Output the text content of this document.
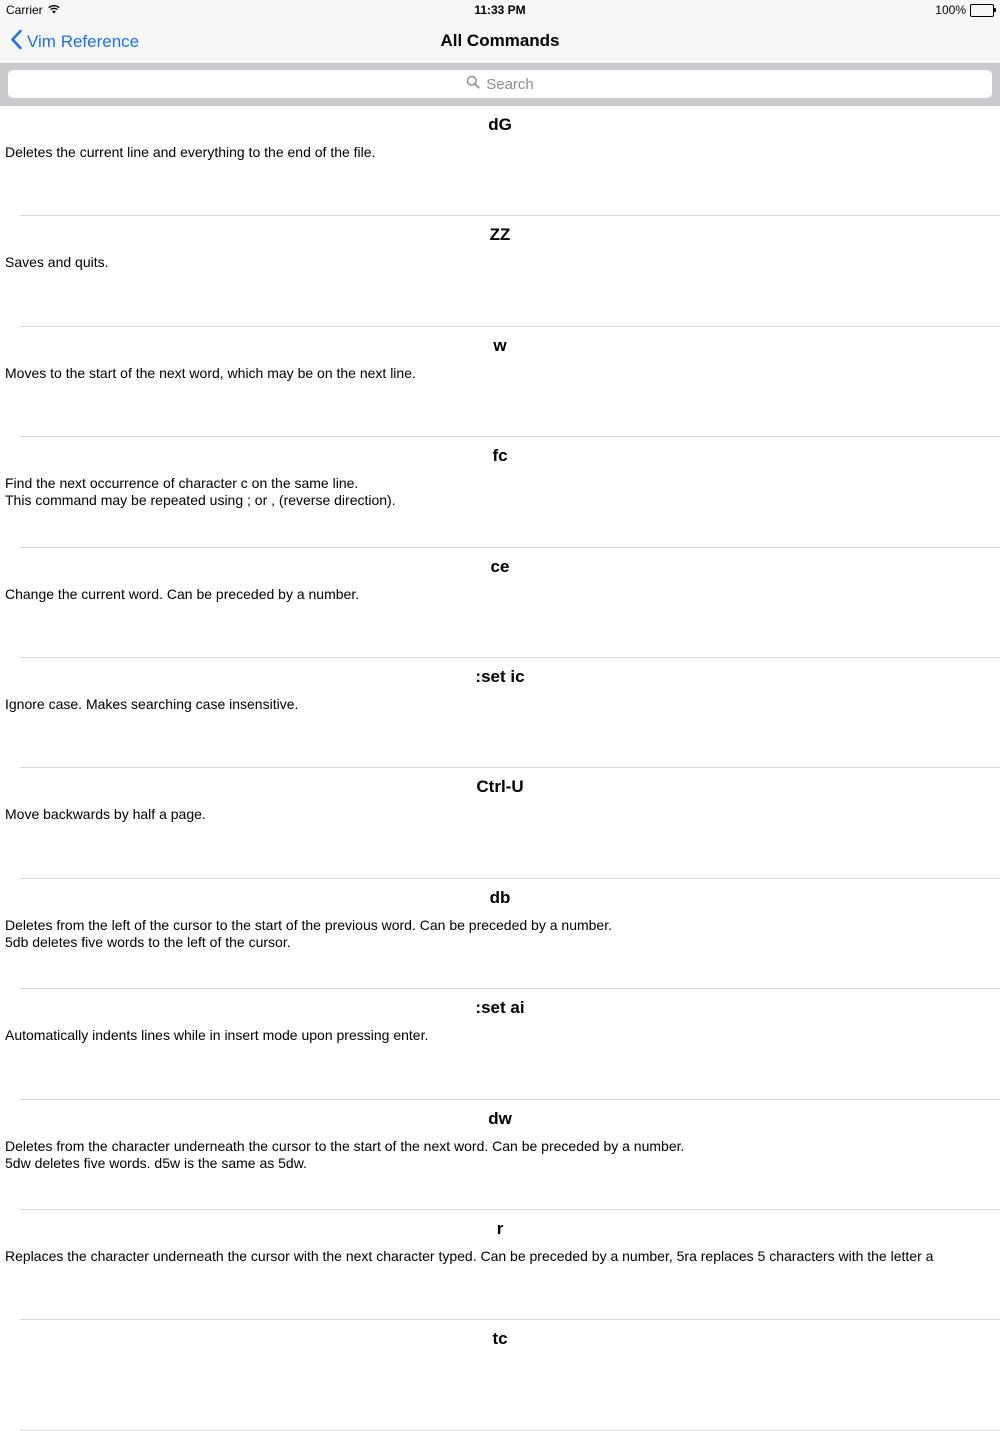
Carrier	11:33 PM	100%
Vim Reference	All Commands
Search
dG
Deletes the current line and everything to the end of the file.
ZZ
Saves and quits.
w
Moves to the start of the next word, which may be on the next line.
fc
Find the next occurrence of character c on the same line.
This command may be repeated using ; or , (reverse direction).
ce
Change the current word. Can be preceded by a number.
:set ic
Ignore case. Makes searching case insensitive.
Ctrl-U
Move backwards by half a page.
db
Deletes from the left of the cursor to the start of the previous word. Can be preceded by a number.
5db deletes five words to the left of the cursor.
:set ai
Automatically indents lines while in insert mode upon pressing enter.
dw
Deletes from the character underneath the cursor to the start of the next word. Can be preceded by a number.
5dw deletes five words. d5w is the same as 5dw.
r
Replaces the character underneath the cursor with the next character typed. Can be preceded by a number, 5ra replaces 5 characters with the letter a
tc
